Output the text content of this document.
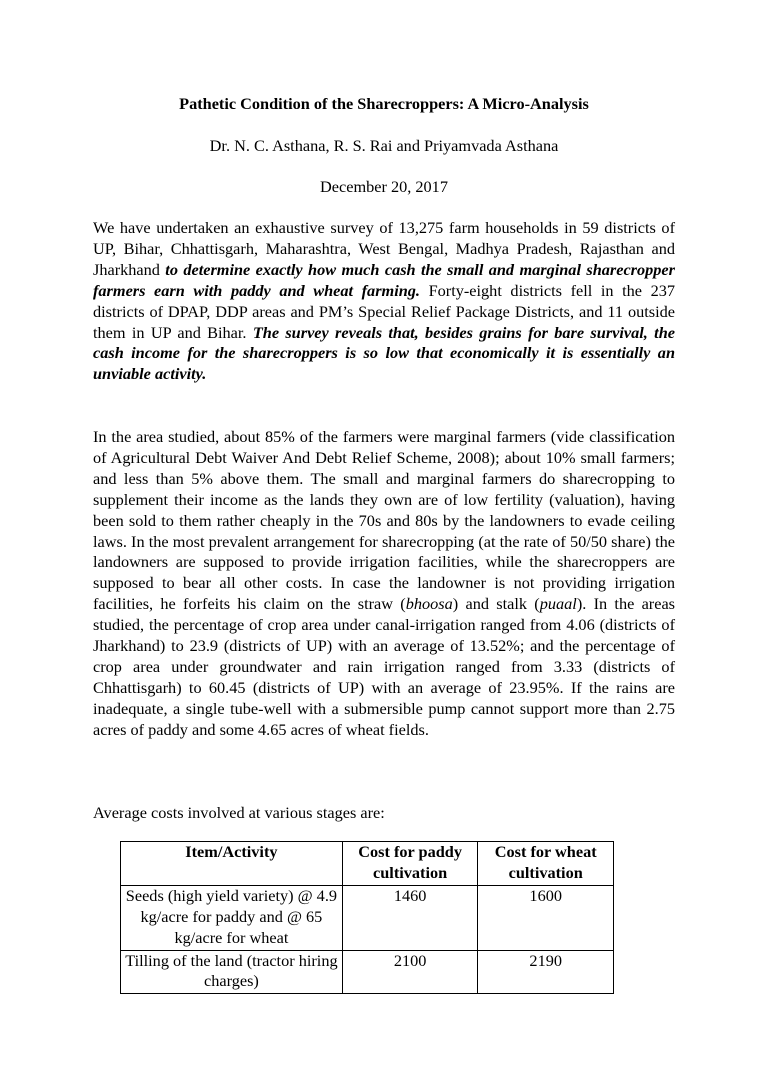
Pathetic Condition of the Sharecroppers: A Micro-Analysis

Dr. N. C. Asthana, R. S. Rai and Priyamvada Asthana

December 20, 2017

We have undertaken an exhaustive survey of 13,275 farm households in 59 districts of UP, Bihar, Chhattisgarh, Maharashtra, West Bengal, Madhya Pradesh, Rajasthan and Jharkhand to determine exactly how much cash the small and marginal sharecropper farmers earn with paddy and wheat farming. Forty-eight districts fell in the 237 districts of DPAP, DDP areas and PM’s Special Relief Package Districts, and 11 outside them in UP and Bihar. The survey reveals that, besides grains for bare survival, the cash income for the sharecroppers is so low that economically it is essentially an unviable activity.

In the area studied, about 85% of the farmers were marginal farmers (vide classification of Agricultural Debt Waiver And Debt Relief Scheme, 2008); about 10% small farmers; and less than 5% above them. The small and marginal farmers do sharecropping to supplement their income as the lands they own are of low fertility (valuation), having been sold to them rather cheaply in the 70s and 80s by the landowners to evade ceiling laws. In the most prevalent arrangement for sharecropping (at the rate of 50/50 share) the landowners are supposed to provide irrigation facilities, while the sharecroppers are supposed to bear all other costs. In case the landowner is not providing irrigation facilities, he forfeits his claim on the straw (bhoosa) and stalk (puaal). In the areas studied, the percentage of crop area under canal-irrigation ranged from 4.06 (districts of Jharkhand) to 23.9 (districts of UP) with an average of 13.52%; and the percentage of crop area under groundwater and rain irrigation ranged from 3.33 (districts of Chhattisgarh) to 60.45 (districts of UP) with an average of 23.95%. If the rains are inadequate, a single tube-well with a submersible pump cannot support more than 2.75 acres of paddy and some 4.65 acres of wheat fields.

Average costs involved at various stages are:

Item/Activity	Cost for paddy cultivation	Cost for wheat cultivation
Seeds (high yield variety) @ 4.9 kg/acre for paddy and @ 65 kg/acre for wheat	1460	1600
Tilling of the land (tractor hiring charges)	2100	2190
